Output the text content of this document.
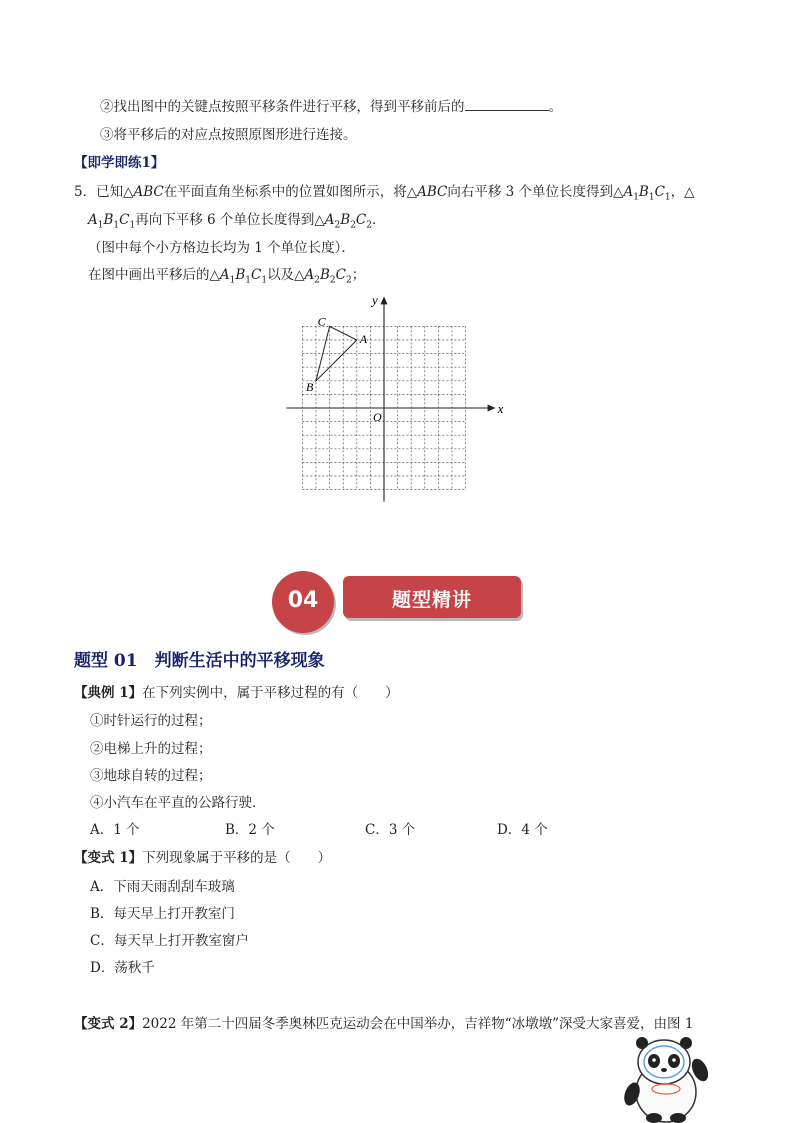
②找出图中的关键点按照平移条件进行平移，得到平移前后的	。
③将平移后的对应点按照原图形进行连接。
【即学即练1】
5．已知△ABC在平面直角坐标系中的位置如图所示，将△ABC向右平移 3 个单位长度得到$\triangle A_1B_1C_1$，△
$A_1B_1C_1$再向下平移 6 个单位长度得到$\triangle A_2B_2C_2$．
（图中每个小方格边长均为 1 个单位长度）．
在图中画出平移后的$\triangle A_1B_1C_1$以及$\triangle A_2B_2C_2$；
x
y
O
A
B
C
04	题型精讲
题型 01　判断生活中的平移现象
【典例 1】在下列实例中，属于平移过程的有（　　）
①时针运行的过程；
②电梯上升的过程；
③地球自转的过程；
④小汽车在平直的公路行驶．
A．1 个	B．2 个	C．3 个	D．4 个
【变式 1】下列现象属于平移的是（　　）
A．下雨天雨刮刮车玻璃
B．每天早上打开教室门
C．每天早上打开教室窗户
D．荡秋千
【变式 2】2022 年第二十四届冬季奥林匹克运动会在中国举办，吉祥物“冰墩墩”深受大家喜爱，由图 1
